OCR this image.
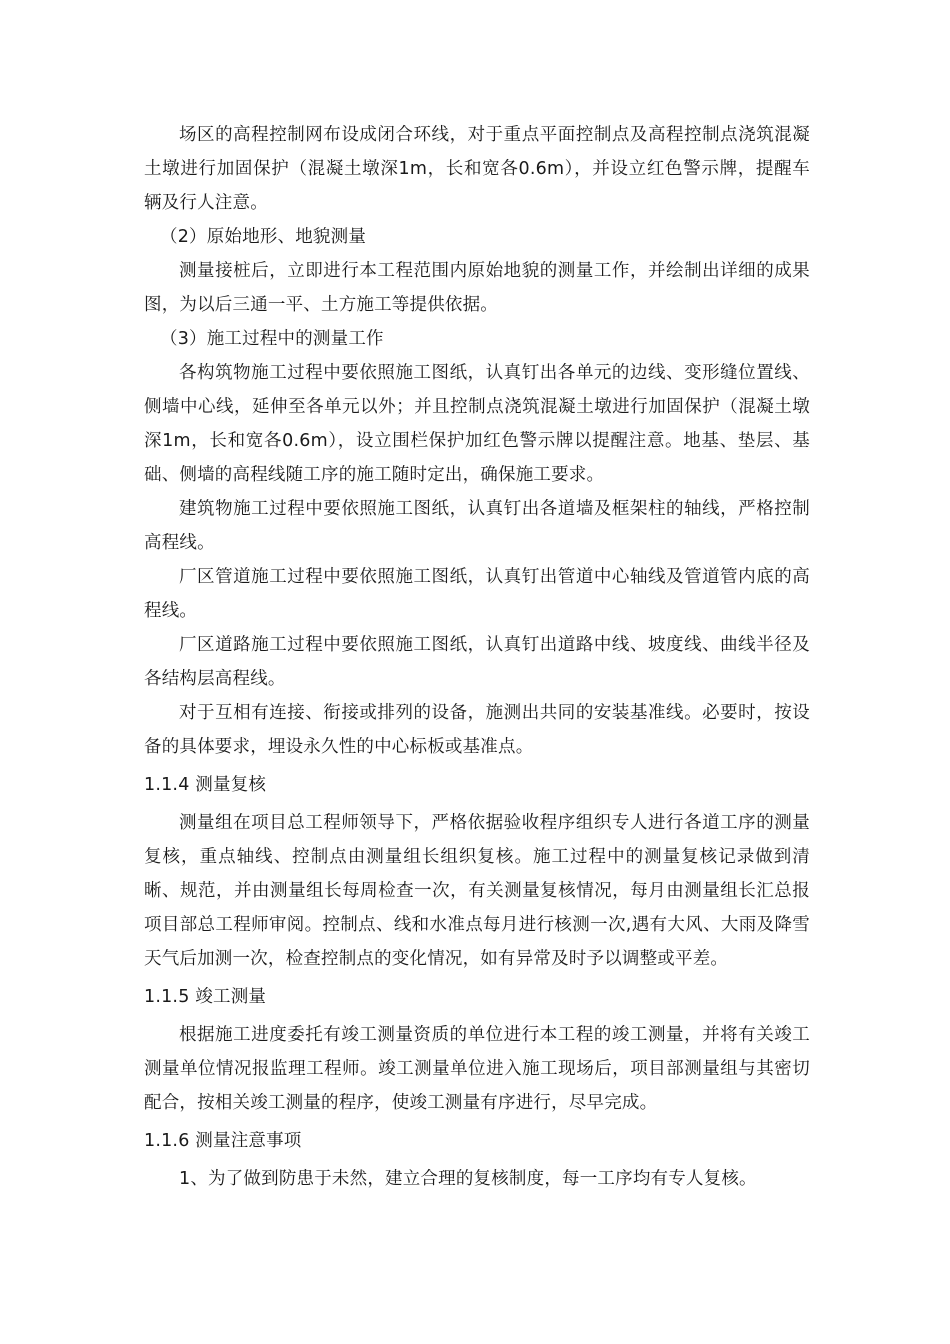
场区的高程控制网布设成闭合环线，对于重点平面控制点及高程控制点浇筑混凝土墩进行加固保护（混凝土墩深1m，长和宽各0.6m），并设立红色警示牌，提醒车辆及行人注意。

（2）原始地形、地貌测量

测量接桩后，立即进行本工程范围内原始地貌的测量工作，并绘制出详细的成果图，为以后三通一平、土方施工等提供依据。

（3）施工过程中的测量工作

各构筑物施工过程中要依照施工图纸，认真钉出各单元的边线、变形缝位置线、侧墙中心线，延伸至各单元以外；并且控制点浇筑混凝土墩进行加固保护（混凝土墩深1m，长和宽各0.6m），设立围栏保护加红色警示牌以提醒注意。地基、垫层、基础、侧墙的高程线随工序的施工随时定出，确保施工要求。

建筑物施工过程中要依照施工图纸，认真钉出各道墙及框架柱的轴线，严格控制高程线。

厂区管道施工过程中要依照施工图纸，认真钉出管道中心轴线及管道管内底的高程线。

厂区道路施工过程中要依照施工图纸，认真钉出道路中线、坡度线、曲线半径及各结构层高程线。

对于互相有连接、衔接或排列的设备，施测出共同的安装基准线。必要时，按设备的具体要求，埋设永久性的中心标板或基准点。

1.1.4 测量复核

测量组在项目总工程师领导下，严格依据验收程序组织专人进行各道工序的测量复核，重点轴线、控制点由测量组长组织复核。施工过程中的测量复核记录做到清晰、规范，并由测量组长每周检查一次，有关测量复核情况，每月由测量组长汇总报项目部总工程师审阅。控制点、线和水准点每月进行核测一次,遇有大风、大雨及降雪天气后加测一次，检查控制点的变化情况，如有异常及时予以调整或平差。

1.1.5 竣工测量

根据施工进度委托有竣工测量资质的单位进行本工程的竣工测量，并将有关竣工测量单位情况报监理工程师。竣工测量单位进入施工现场后，项目部测量组与其密切配合，按相关竣工测量的程序，使竣工测量有序进行，尽早完成。

1.1.6 测量注意事项

1、为了做到防患于未然，建立合理的复核制度，每一工序均有专人复核。
